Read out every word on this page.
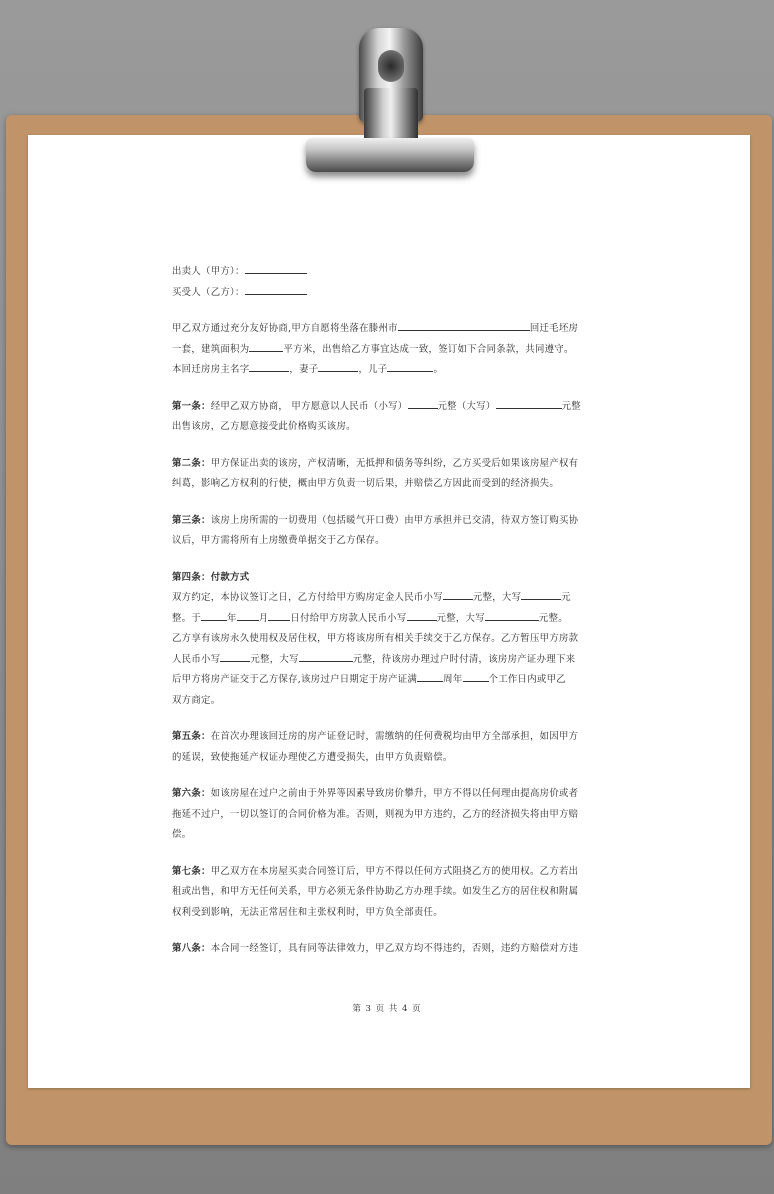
出卖人（甲方）：
买受人（乙方）：
甲乙双方通过充分友好协商,甲方自愿将坐落在滕州市	回迁毛坯房
一套，建筑面积为	平方米，出售给乙方事宜达成一致，签订如下合同条款，共同遵守。
本回迁房房主名字	，妻子	，儿子	。
第一条：经甲乙双方协商， 甲方愿意以人民币（小写）	元整（大写）	元整
出售该房，乙方愿意接受此价格购买该房。
第二条：甲方保证出卖的该房，产权清晰，无抵押和债务等纠纷，乙方买受后如果该房屋产权有
纠葛，影响乙方权利的行使，概由甲方负责一切后果，并赔偿乙方因此而受到的经济损失。
第三条：该房上房所需的一切费用（包括暖气开口费）由甲方承担并已交清，待双方签订购买协
议后，甲方需将所有上房缴费单据交于乙方保存。
第四条：付款方式
双方约定，本协议签订之日，乙方付给甲方购房定金人民币小写	元整，大写	元
整。于	年 月 日付给甲方房款人民币小写	元整，大写	元整。
乙方享有该房永久使用权及居住权，甲方将该房所有相关手续交于乙方保存。乙方暂压甲方房款
人民币小写	元整，大写	元整，待该房办理过户时付清，该房房产证办理下来
后甲方将房产证交于乙方保存,该房过户日期定于房产证满	周年	个工作日内或甲乙
双方商定。
第五条：在首次办理该回迁房的房产证登记时，需缴纳的任何费税均由甲方全部承担，如因甲方
的延误，致使拖延产权证办理使乙方遭受损失，由甲方负责赔偿。
第六条：如该房屋在过户之前由于外界等因素导致房价攀升，甲方不得以任何理由提高房价或者
拖延不过户，一切以签订的合同价格为准。否则，则视为甲方违约，乙方的经济损失将由甲方赔
偿。
第七条：甲乙双方在本房屋买卖合同签订后，甲方不得以任何方式阻挠乙方的使用权。乙方若出
租或出售，和甲方无任何关系，甲方必须无条件协助乙方办理手续。如发生乙方的居住权和附属
权利受到影响，无法正常居住和主张权利时，甲方负全部责任。
第八条：本合同一经签订，具有同等法律效力，甲乙双方均不得违约，否则，违约方赔偿对方违
第 3 页 共 4 页
